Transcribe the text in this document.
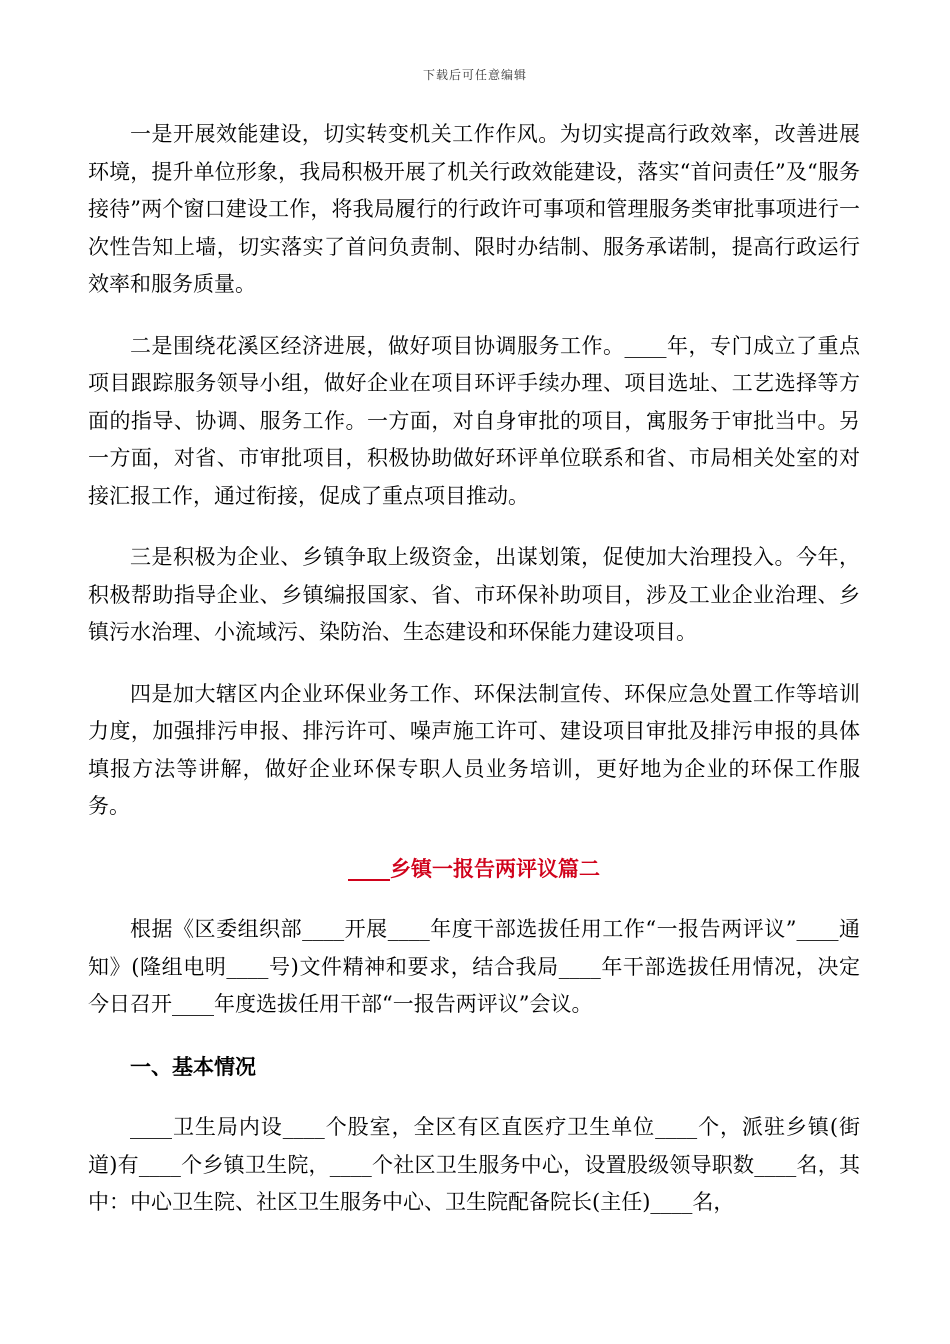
下载后可任意编辑

一是开展效能建设，切实转变机关工作作风。为切实提高行政效率，改善进展环境，提升单位形象，我局积极开展了机关行政效能建设，落实“首问责任”及“服务接待”两个窗口建设工作，将我局履行的行政许可事项和管理服务类审批事项进行一次性告知上墙，切实落实了首问负责制、限时办结制、服务承诺制，提高行政运行效率和服务质量。

二是围绕花溪区经济进展，做好项目协调服务工作。____年，专门成立了重点项目跟踪服务领导小组，做好企业在项目环评手续办理、项目选址、工艺选择等方面的指导、协调、服务工作。一方面，对自身审批的项目，寓服务于审批当中。另一方面，对省、市审批项目，积极协助做好环评单位联系和省、市局相关处室的对接汇报工作，通过衔接，促成了重点项目推动。

三是积极为企业、乡镇争取上级资金，出谋划策，促使加大治理投入。今年，积极帮助指导企业、乡镇编报国家、省、市环保补助项目，涉及工业企业治理、乡镇污水治理、小流域污、染防治、生态建设和环保能力建设项目。

四是加大辖区内企业环保业务工作、环保法制宣传、环保应急处置工作等培训力度，加强排污申报、排污许可、噪声施工许可、建设项目审批及排污申报的具体填报方法等讲解，做好企业环保专职人员业务培训，更好地为企业的环保工作服务。

____乡镇一报告两评议篇二

根据《区委组织部____开展____年度干部选拔任用工作“一报告两评议”____通知》(隆组电明____号)文件精神和要求，结合我局____年干部选拔任用情况，决定今日召开____年度选拔任用干部“一报告两评议”会议。

一、基本情况

____卫生局内设____个股室，全区有区直医疗卫生单位____个，派驻乡镇(街道)有____个乡镇卫生院，____个社区卫生服务中心，设置股级领导职数____名，其中：中心卫生院、社区卫生服务中心、卫生院配备院长(主任)____名，
